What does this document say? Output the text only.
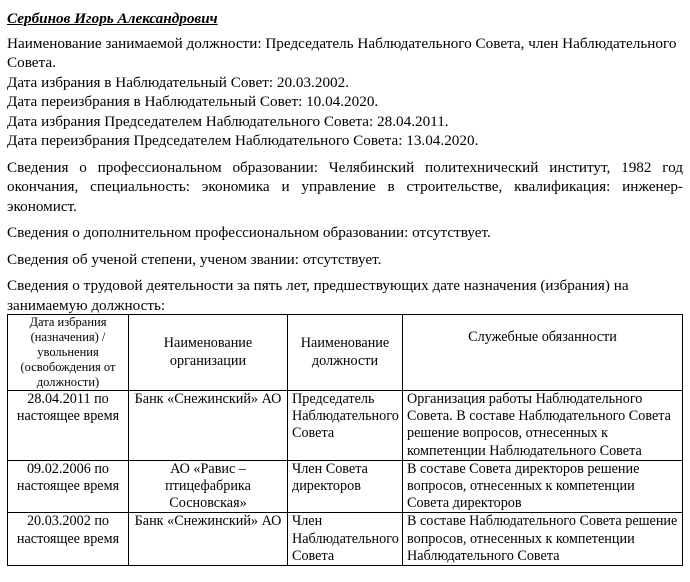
Сербинов Игорь Александрович

Наименование занимаемой должности: Председатель Наблюдательного Совета, член Наблюдательного Совета.

Дата избрания в Наблюдательный Совет: 20.03.2002.

Дата переизбрания в Наблюдательный Совет: 10.04.2020.

Дата избрания Председателем Наблюдательного Совета: 28.04.2011.

Дата переизбрания Председателем Наблюдательного Совета: 13.04.2020.

Сведения о профессиональном образовании: Челябинский политехнический институт, 1982 год окончания, специальность: экономика и управление в строительстве, квалификация: инженер-экономист.

Сведения о дополнительном профессиональном образовании: отсутствует.

Сведения об ученой степени, ученом звании: отсутствует.

Сведения о трудовой деятельности за пять лет, предшествующих дате назначения (избрания) на занимаемую должность:

Дата избрания (назначения) / увольнения (освобождения от должности)	Наименование организации	Наименование должности	Служебные обязанности
28.04.2011 по настоящее время	Банк «Снежинский» АО	Председатель Наблюдательного Совета	Организация работы Наблюдательного Совета. В составе Наблюдательного Совета решение вопросов, отнесенных к компетенции Наблюдательного Совета
09.02.2006 по настоящее время	АО «Равис – птицефабрика Сосновская»	Член Совета директоров	В составе Совета директоров решение вопросов, отнесенных к компетенции Совета директоров
20.03.2002 по настоящее время	Банк «Снежинский» АО	Член Наблюдательного Совета	В составе Наблюдательного Совета решение вопросов, отнесенных к компетенции Наблюдательного Совета
